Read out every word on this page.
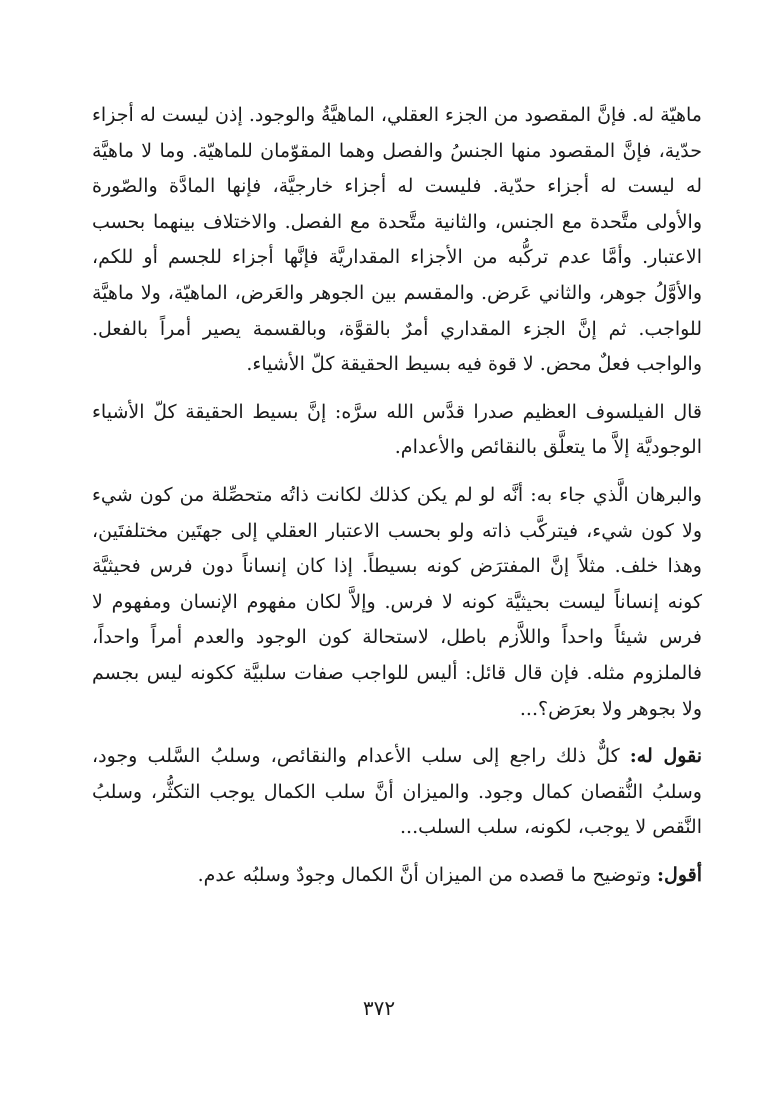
ماهيّة له. فإنَّ المقصود من الجزء العقلي، الماهيَّةُ والوجود. إذن ليست له أجزاء حدّية، فإنَّ المقصود منها الجنسُ والفصل وهما المقوّمان للماهيّة. وما لا ماهيَّة له ليست له أجزاء حدّية. فليست له أجزاء خارجيَّة، فإنها المادَّة والصّورة والأولى متَّحدة مع الجنس، والثانية متَّحدة مع الفصل. والاختلاف بينهما بحسب الاعتبار. وأمَّا عدم تركُّبه من الأجزاء المقداريَّة فإنَّها أجزاء للجسم أو للكم، والأوَّلُ جوهر، والثاني عَرض. والمقسم بين الجوهر والعَرض، الماهيّة، ولا ماهيَّة للواجب. ثم إنَّ الجزء المقداري أمرٌ بالقوَّة، وبالقسمة يصير أمراً بالفعل. والواجب فعلٌ محض. لا قوة فيه بسيط الحقيقة كلّ الأشياء.

قال الفيلسوف العظيم صدرا قدَّس الله سرَّه: إنَّ بسيط الحقيقة كلّ الأشياء الوجوديَّة إلاَّ ما يتعلَّق بالنقائص والأعدام.

والبرهان الَّذي جاء به: أنَّه لو لم يكن كذلك لكانت ذاتُه متحصِّلة من كون شيء ولا كون شيء، فيتركَّب ذاته ولو بحسب الاعتبار العقلي إلى جهتَين مختلفتَين، وهذا خلف. مثلاً إنَّ المفترَض كونه بسيطاً. إذا كان إنساناً دون فرس فحيثيَّة كونه إنساناً ليست بحيثيَّة كونه لا فرس. وإلاَّ لكان مفهوم الإنسان ومفهوم لا فرس شيئاً واحداً واللاَّزم باطل، لاستحالة كون الوجود والعدم أمراً واحداً، فالملزوم مثله. فإن قال قائل: أليس للواجب صفات سلبيَّة ككونه ليس بجسم ولا بجوهر ولا بعرَض؟...

نقول له: كلٌّ ذلك راجع إلى سلب الأعدام والنقائص، وسلبُ السَّلب وجود، وسلبُ النُّقصان كمال وجود. والميزان أنَّ سلب الكمال يوجب التكثُّر، وسلبُ النَّقص لا يوجب، لكونه، سلب السلب...

أقول: وتوضيح ما قصده من الميزان أنَّ الكمال وجودٌ وسلبُه عدم.

٣٧٢
